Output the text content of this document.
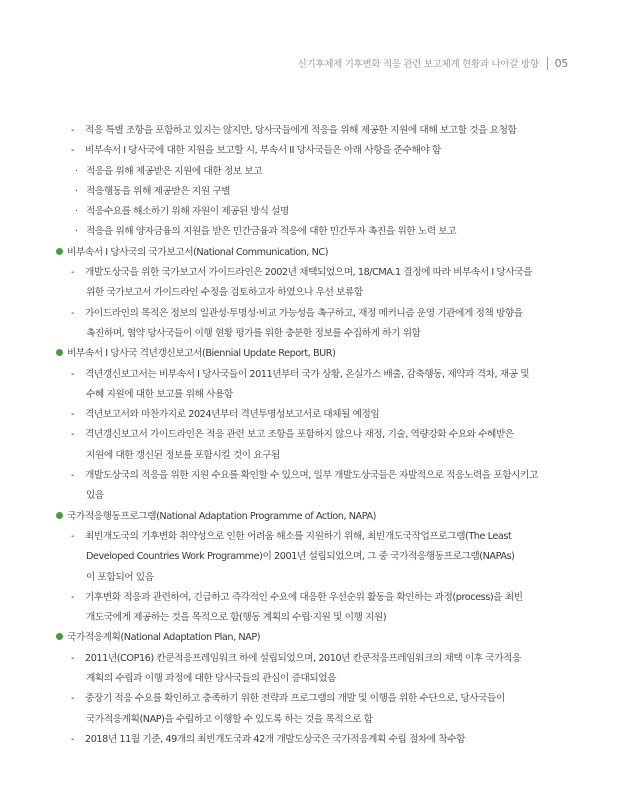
신기후체제 기후변화 적응 관련 보고체계 현황과 나아갈 방향 05
- 적응 특별 조항을 포함하고 있지는 않지만, 당사국들에게 적응을 위해 제공한 지원에 대해 보고할 것을 요청함
- 비부속서 I 당사국에 대한 지원을 보고할 시, 부속서 II 당사국들은 아래 사항을 준수해야 함
· 적응을 위해 제공받은 지원에 대한 정보 보고
· 적응행동을 위해 제공받은 지원 구별
· 적응수요를 해소하기 위해 자원이 제공된 방식 설명
· 적응을 위해 양자금융의 지원을 받은 민간금융과 적응에 대한 민간투자 촉진을 위한 노력 보고
비부속서 I 당사국의 국가보고서(National Communication, NC)
- 개발도상국을 위한 국가보고서 가이드라인은 2002년 채택되었으며, 18/CMA.1 결정에 따라 비부속서 I 당사국을
위한 국가보고서 가이드라인 수정을 검토하고자 하였으나 우선 보류함
- 가이드라인의 목적은 정보의 일관성·투명성·비교 가능성을 촉구하고, 재정 메커니즘 운영 기관에게 정책 방향을
촉진하며, 협약 당사국들이 이행 현황 평가를 위한 충분한 정보를 수집하게 하기 위함
비부속서 I 당사국 격년갱신보고서(Biennial Update Report, BUR)
- 격년갱신보고서는 비부속서 I 당사국들이 2011년부터 국가 상황, 온실가스 배출, 감축행동, 제약과 격차, 재공 및
수혜 지원에 대한 보고를 위해 사용함
- 격년보고서와 마찬가지로 2024년부터 격년투명성보고서로 대체될 예정임
- 격년갱신보고서 가이드라인은 적응 관련 보고 조항을 포함하지 않으나 재정, 기술, 역량강화 수요와 수혜받은
지원에 대한 갱신된 정보를 포함시킬 것이 요구됨
- 개발도상국의 적응을 위한 지원 수요를 확인할 수 있으며, 일부 개발도상국들은 자발적으로 적응노력을 포함시키고
있음
국가적응행동프로그램(National Adaptation Programme of Action, NAPA)
- 최빈개도국의 기후변화 취약성으로 인한 어려움 해소를 지원하기 위해, 최빈개도국작업프로그램(The Least
Developed Countries Work Programme)이 2001년 설립되었으며, 그 중 국가적응행동프로그램(NAPAs)
이 포함되어 있음
- 기후변화 적응과 관련하여, 긴급하고 즉각적인 수요에 대응한 우선순위 활동을 확인하는 과정(process)을 최빈
개도국에게 제공하는 것을 목적으로 함(행동 계획의 수립·지원 및 이행 지원)
국가적응계획(National Adaptation Plan, NAP)
- 2011년(COP16) 칸쿤적응프레임워크 하에 설립되었으며, 2010년 칸쿤적응프레임워크의 채택 이후 국가적응
계획의 수립과 이행 과정에 대한 당사국들의 관심이 증대되었음
- 중장기 적응 수요를 확인하고 충족하기 위한 전략과 프로그램의 개발 및 이행을 위한 수단으로, 당사국들이
국가적응계획(NAP)을 수립하고 이행할 수 있도록 하는 것을 목적으로 함
- 2018년 11월 기준, 49개의 최빈개도국과 42개 개발도상국은 국가적응계획 수립 절차에 착수함
